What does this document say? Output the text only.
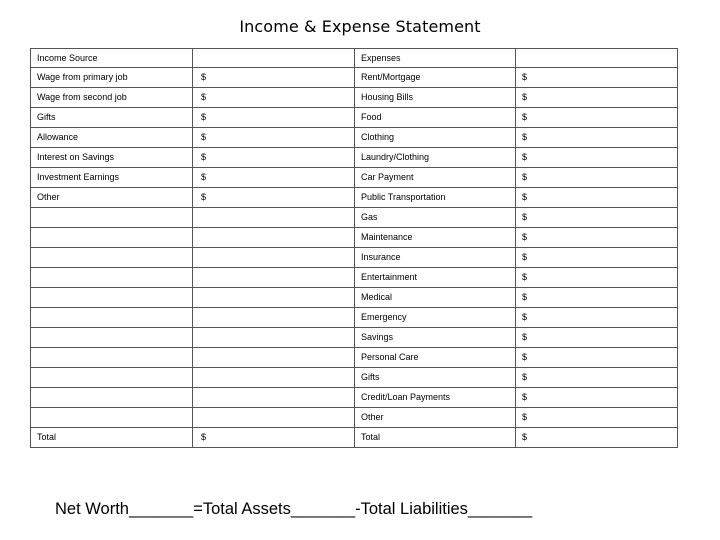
Income & Expense Statement
Income Source		Expenses	
Wage from primary job	$	Rent/Mortgage	$
Wage from second job	$	Housing Bills	$
Gifts	$	Food	$
Allowance	$	Clothing	$
Interest on Savings	$	Laundry/Clothing	$
Investment Earnings	$	Car Payment	$
Other	$	Public Transportation	$
		Gas	$
		Maintenance	$
		Insurance	$
		Entertainment	$
		Medical	$
		Emergency	$
		Savings	$
		Personal Care	$
		Gifts	$
		Credit/Loan Payments	$
		Other	$
Total	$	Total	$
Net Worth_______=Total Assets_______-Total Liabilities_______
